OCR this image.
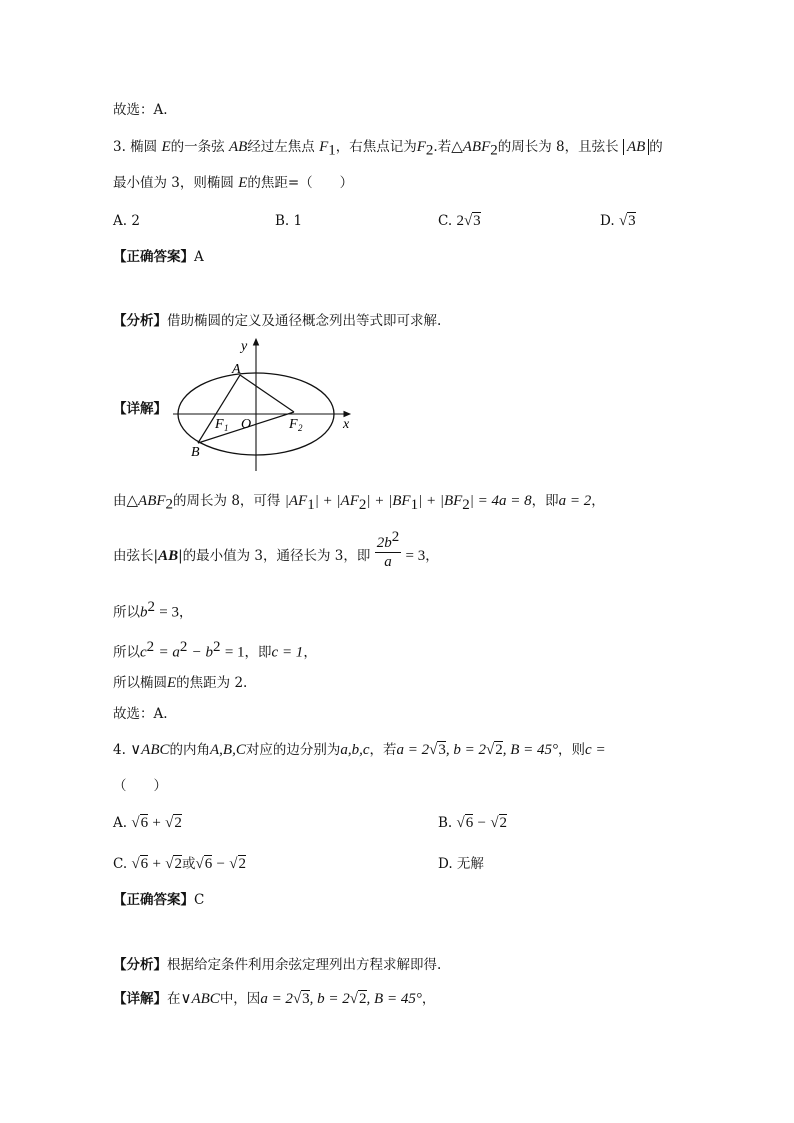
故选：A.
3. 椭圆 E的一条弦 AB经过左焦点 $F_1$，右焦点记为$F_2$.若$\triangle ABF_2$的周长为 8，且弦长 AB 的
最小值为 3，则椭圆 E的焦距=（　　）
A. 2	B. 1	C. 2√3	D. √3
【正确答案】A
【分析】借助椭圆的定义及通径概念列出等式即可求解.
【详解】
y
x
A
B
O
F 1	F 2
由$\triangle ABF_2$的周长为 8，可得 $|AF_1| + |AF_2| + |BF_1| + |BF_2| = 4a = 8$，即a = 2，
由弦长|AB|的最小值为 3，通径长为 3，即 $\frac{2b^2}{a} = 3$，
所以$b^2 = 3$，
所以$c^2 = a^2 - b^2 = 1$，即c = 1，
所以椭圆E的焦距为 2.
故选：A.
4. ∨ABC的内角A,B,C对应的边分别为a,b,c，若a = 2√3, b = 2√2, B = 45°，则c =
（　　）
A. √6 + √2	B. √6 − √2
C. √6 + √2或√6 − √2	D. 无解
【正确答案】C
【分析】根据给定条件利用余弦定理列出方程求解即得.
【详解】在∨ABC中，因a = 2√3, b = 2√2, B = 45°，
